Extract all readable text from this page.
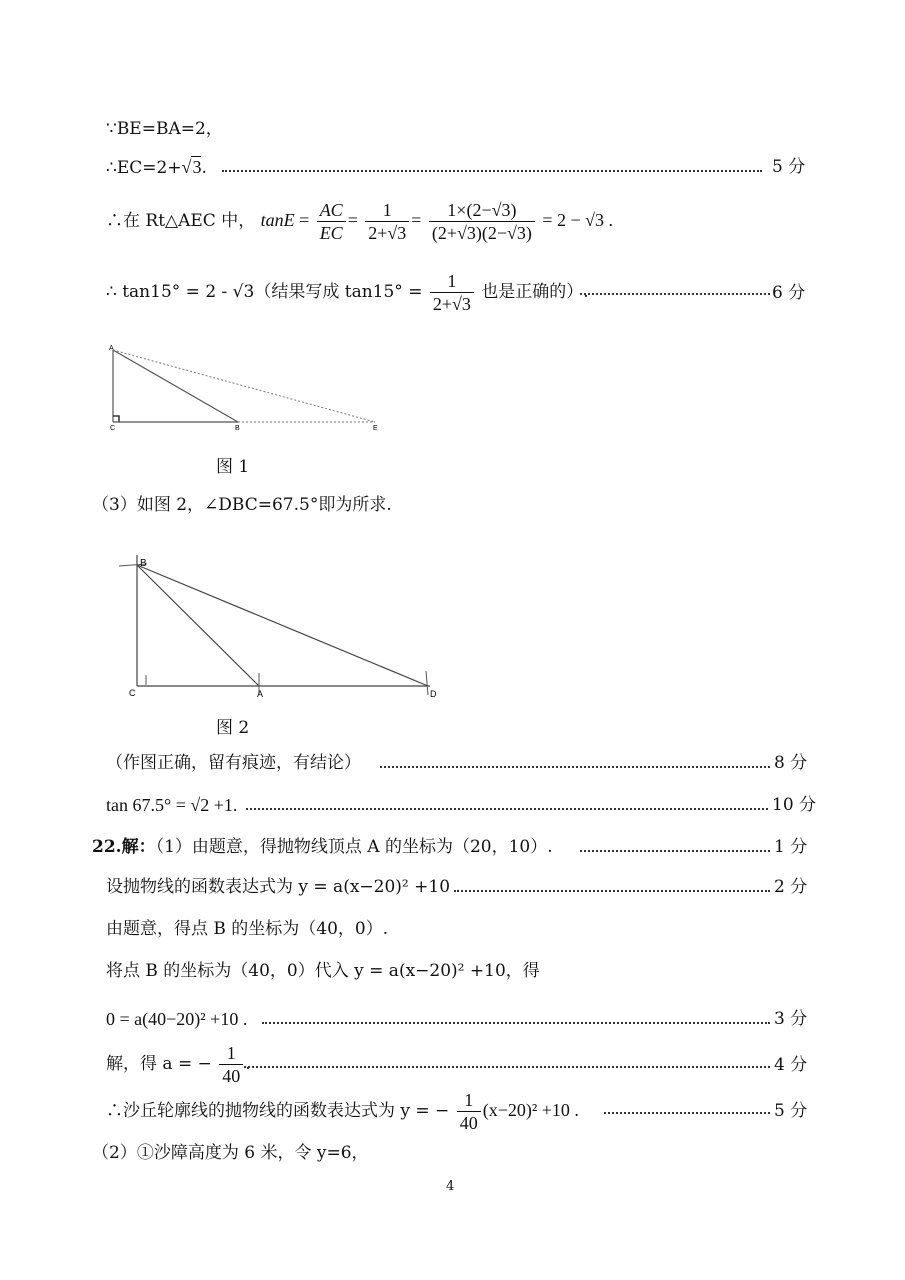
∵BE=BA=2，
∴EC=2+√3.	5 分
∴在 Rt△AEC 中， $\tan E = \frac{AC}{EC} = \frac{1}{2+√3} = \frac{1\times(2-√3)}{(2+√3)(2-√3)} = 2 - √3$ .
∴ tan15° = 2 - √3（结果写成 $\tan 15^\circ = \frac{1}{2+√3}$ 也是正确的）.	6 分
A
C	B	E
图 1
（3）如图 2，∠DBC=67.5°即为所求.
B
C	A	D
图 2
（作图正确，留有痕迹，有结论）	8 分
tan 67.5° = √2 +1.	10 分
22.解：（1）由题意，得抛物线顶点 A 的坐标为（20，10）.	1 分
设抛物线的函数表达式为 y = a(x−20)² +10 .	2 分
由题意，得点 B 的坐标为（40，0）.
将点 B 的坐标为（40，0）代入 y = a(x−20)² +10，得
0 = a(40−20)² +10 .	3 分
解，得 a = − $\frac{1}{40}$ .	4 分
∴沙丘轮廓线的抛物线的函数表达式为 y = − $\frac{1}{40} (x-20)^2 +10$ .	5 分
（2）①沙障高度为 6 米，令 y=6，
4
